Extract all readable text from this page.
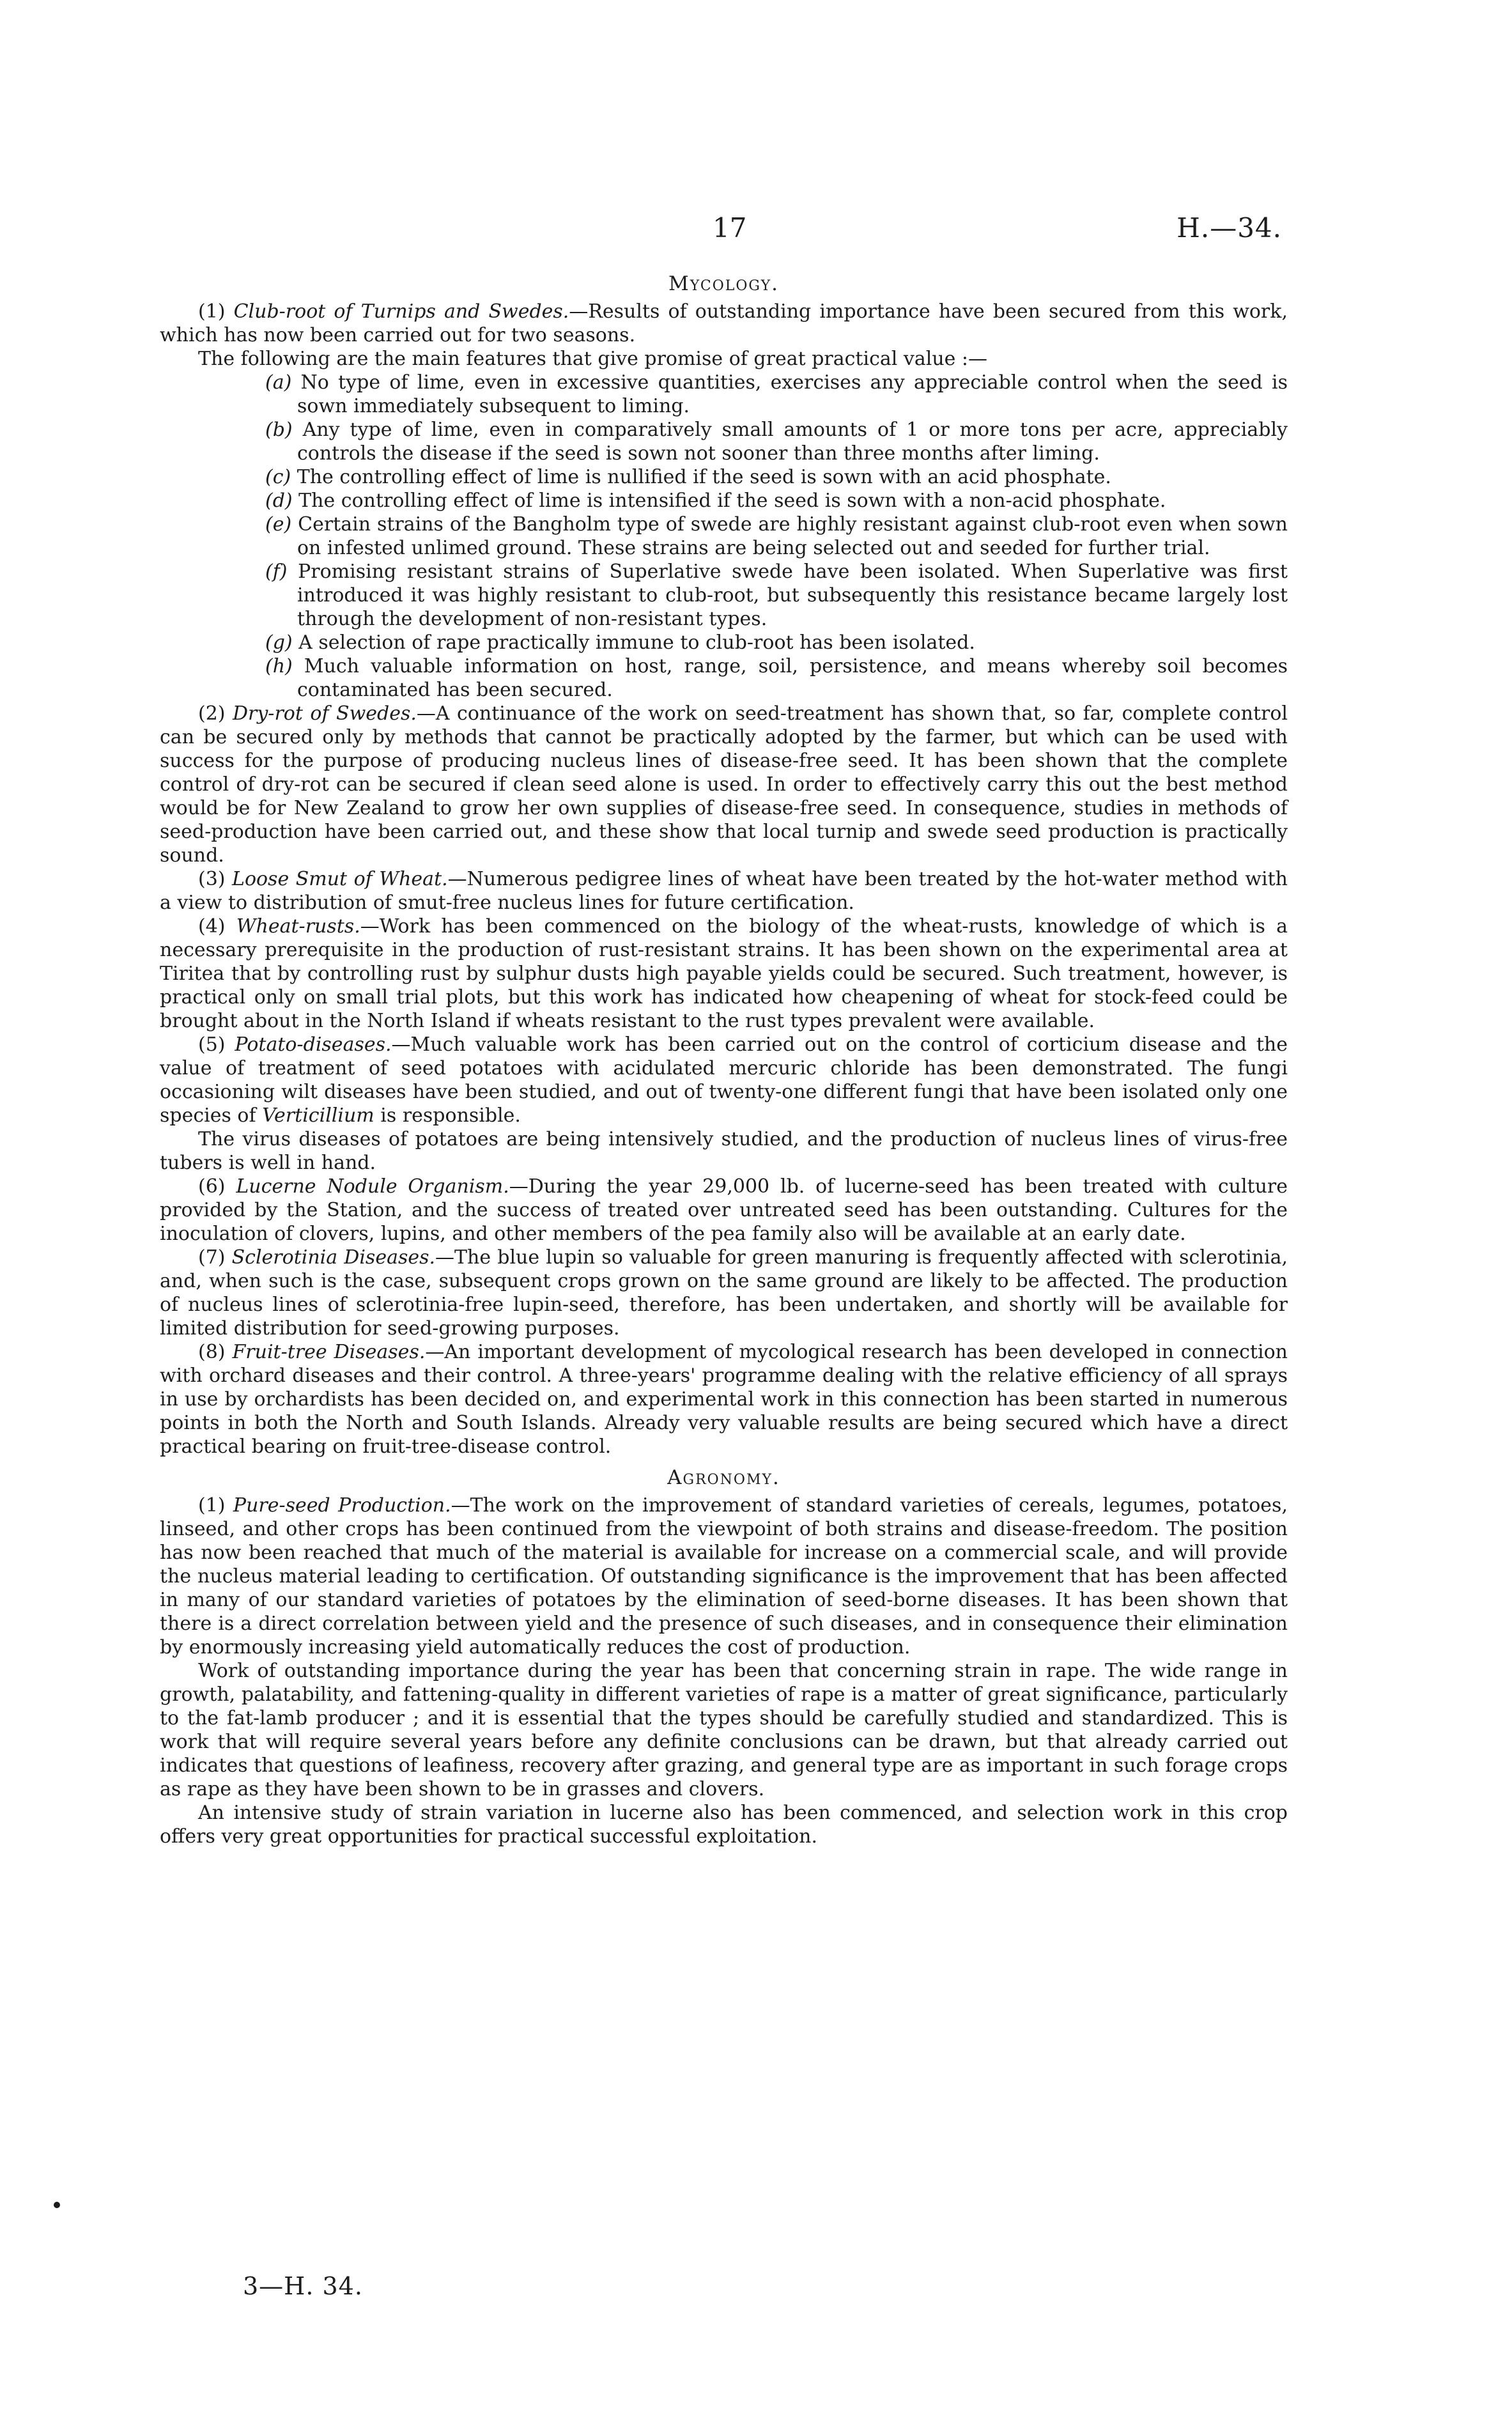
17	H.—34.

Mycology.

(1) Club-root of Turnips and Swedes.—Results of outstanding importance have been secured from this work, which has now been carried out for two seasons.

The following are the main features that give promise of great practical value :—

(a) No type of lime, even in excessive quantities, exercises any appreciable control when the seed is sown immediately subsequent to liming.

(b) Any type of lime, even in comparatively small amounts of 1 or more tons per acre, appreciably controls the disease if the seed is sown not sooner than three months after liming.

(c) The controlling effect of lime is nullified if the seed is sown with an acid phosphate.

(d) The controlling effect of lime is intensified if the seed is sown with a non-acid phosphate.

(e) Certain strains of the Bangholm type of swede are highly resistant against club-root even when sown on infested unlimed ground. These strains are being selected out and seeded for further trial.

(f) Promising resistant strains of Superlative swede have been isolated. When Superlative was first introduced it was highly resistant to club-root, but subsequently this resistance became largely lost through the development of non-resistant types.

(g) A selection of rape practically immune to club-root has been isolated.

(h) Much valuable information on host, range, soil, persistence, and means whereby soil becomes contaminated has been secured.

(2) Dry-rot of Swedes.—A continuance of the work on seed-treatment has shown that, so far, complete control can be secured only by methods that cannot be practically adopted by the farmer, but which can be used with success for the purpose of producing nucleus lines of disease-free seed. It has been shown that the complete control of dry-rot can be secured if clean seed alone is used. In order to effectively carry this out the best method would be for New Zealand to grow her own supplies of disease-free seed. In consequence, studies in methods of seed-production have been carried out, and these show that local turnip and swede seed production is practically sound.

(3) Loose Smut of Wheat.—Numerous pedigree lines of wheat have been treated by the hot-water method with a view to distribution of smut-free nucleus lines for future certification.

(4) Wheat-rusts.—Work has been commenced on the biology of the wheat-rusts, knowledge of which is a necessary prerequisite in the production of rust-resistant strains. It has been shown on the experimental area at Tiritea that by controlling rust by sulphur dusts high payable yields could be secured. Such treatment, however, is practical only on small trial plots, but this work has indicated how cheapening of wheat for stock-feed could be brought about in the North Island if wheats resistant to the rust types prevalent were available.

(5) Potato-diseases.—Much valuable work has been carried out on the control of corticium disease and the value of treatment of seed potatoes with acidulated mercuric chloride has been demonstrated. The fungi occasioning wilt diseases have been studied, and out of twenty-one different fungi that have been isolated only one species of Verticillium is responsible.

The virus diseases of potatoes are being intensively studied, and the production of nucleus lines of virus-free tubers is well in hand.

(6) Lucerne Nodule Organism.—During the year 29,000 lb. of lucerne-seed has been treated with culture provided by the Station, and the success of treated over untreated seed has been outstanding. Cultures for the inoculation of clovers, lupins, and other members of the pea family also will be available at an early date.

(7) Sclerotinia Diseases.—The blue lupin so valuable for green manuring is frequently affected with sclerotinia, and, when such is the case, subsequent crops grown on the same ground are likely to be affected. The production of nucleus lines of sclerotinia-free lupin-seed, therefore, has been undertaken, and shortly will be available for limited distribution for seed-growing purposes.

(8) Fruit-tree Diseases.—An important development of mycological research has been developed in connection with orchard diseases and their control. A three-years' programme dealing with the relative efficiency of all sprays in use by orchardists has been decided on, and experimental work in this connection has been started in numerous points in both the North and South Islands. Already very valuable results are being secured which have a direct practical bearing on fruit-tree-disease control.

Agronomy.

(1) Pure-seed Production.—The work on the improvement of standard varieties of cereals, legumes, potatoes, linseed, and other crops has been continued from the viewpoint of both strains and disease-freedom. The position has now been reached that much of the material is available for increase on a commercial scale, and will provide the nucleus material leading to certification. Of outstanding significance is the improvement that has been affected in many of our standard varieties of potatoes by the elimination of seed-borne diseases. It has been shown that there is a direct correlation between yield and the presence of such diseases, and in consequence their elimination by enormously increasing yield automatically reduces the cost of production.

Work of outstanding importance during the year has been that concerning strain in rape. The wide range in growth, palatability, and fattening-quality in different varieties of rape is a matter of great significance, particularly to the fat-lamb producer ; and it is essential that the types should be carefully studied and standardized. This is work that will require several years before any definite conclusions can be drawn, but that already carried out indicates that questions of leafiness, recovery after grazing, and general type are as important in such forage crops as rape as they have been shown to be in grasses and clovers.

An intensive study of strain variation in lucerne also has been commenced, and selection work in this crop offers very great opportunities for practical successful exploitation.

3—H. 34.
